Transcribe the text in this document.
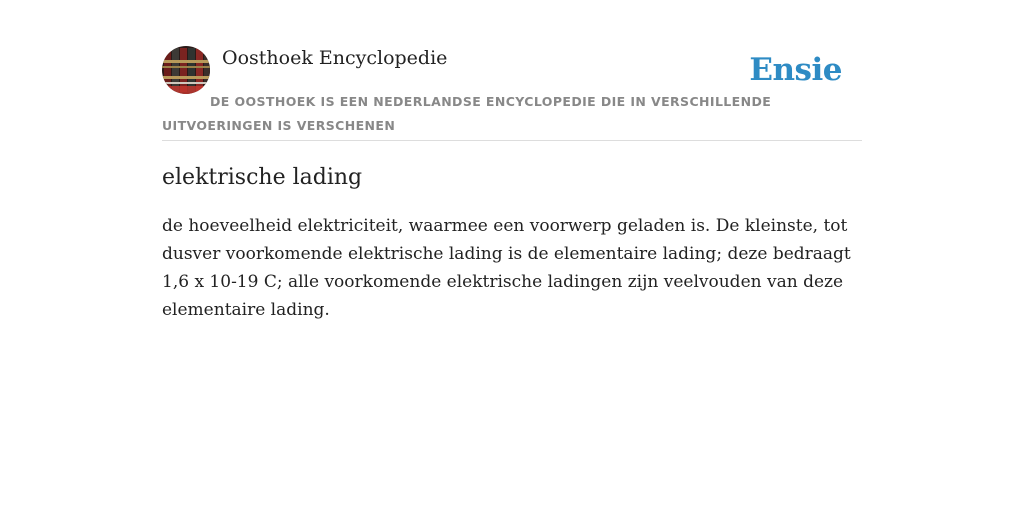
Oosthoek Encyclopedie	Ensie
DE OOSTHOEK IS EEN NEDERLANDSE ENCYCLOPEDIE DIE IN VERSCHILLENDE UITVOERINGEN IS VERSCHENEN
elektrische lading

de hoeveelheid elektriciteit, waarmee een voorwerp geladen is. De kleinste, tot dusver voorkomende elektrische lading is de elementaire lading; deze bedraagt 1,6 x 10-19 C; alle voorkomende elektrische ladingen zijn veelvouden van deze elementaire lading.
